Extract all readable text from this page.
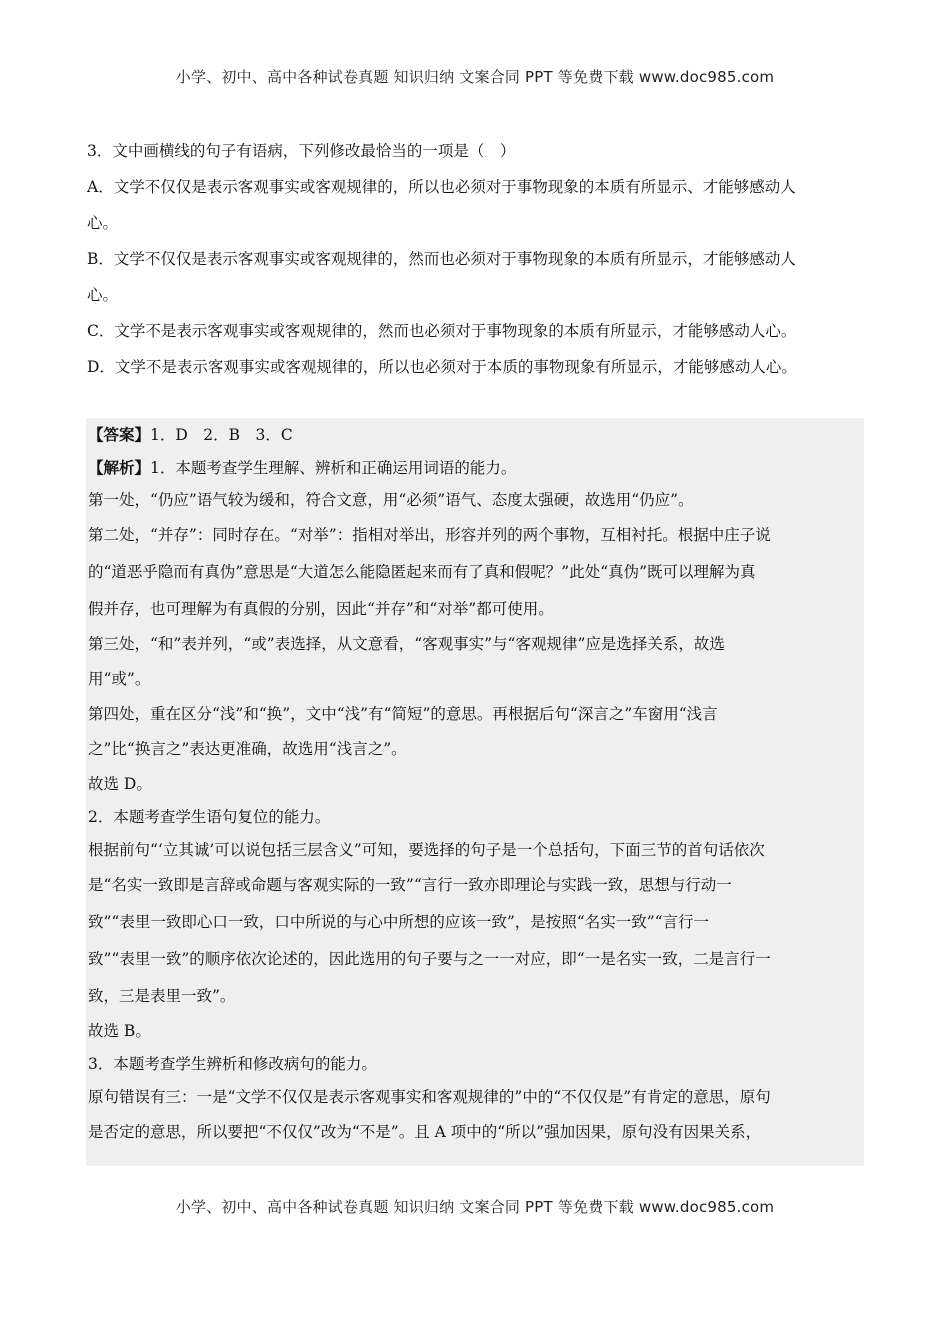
小学、初中、高中各种试卷真题 知识归纳 文案合同 PPT 等免费下载 www.doc985.com
3．文中画横线的句子有语病，下列修改最恰当的一项是（　）
A．文学不仅仅是表示客观事实或客观规律的，所以也必须对于事物现象的本质有所显示、才能够感动人
心。
B．文学不仅仅是表示客观事实或客观规律的，然而也必须对于事物现象的本质有所显示，才能够感动人
心。
C．文学不是表示客观事实或客观规律的，然而也必须对于事物现象的本质有所显示，才能够感动人心。
D．文学不是表示客观事实或客观规律的，所以也必须对于本质的事物现象有所显示，才能够感动人心。
【答案】1．D　2．B　3．C
【解析】1．本题考查学生理解、辨析和正确运用词语的能力。
第一处，“仍应”语气较为缓和，符合文意，用“必须”语气、态度太强硬，故选用“仍应”。
第二处，“并存”：同时存在。“对举”：指相对举出，形容并列的两个事物，互相衬托。根据中庄子说
的“道恶乎隐而有真伪”意思是“大道怎么能隐匿起来而有了真和假呢？”此处“真伪”既可以理解为真
假并存，也可理解为有真假的分别，因此“并存”和“对举”都可使用。
第三处，“和”表并列，“或”表选择，从文意看，“客观事实”与“客观规律”应是选择关系，故选
用“或”。
第四处，重在区分“浅”和“换”，文中“浅”有“简短”的意思。再根据后句“深言之”车窗用“浅言
之”比“换言之”表达更准确，故选用“浅言之”。
故选 D。
2．本题考查学生语句复位的能力。
根据前句“‘立其诚’可以说包括三层含义”可知，要选择的句子是一个总括句，下面三节的首句话依次
是“名实一致即是言辞或命题与客观实际的一致”“言行一致亦即理论与实践一致，思想与行动一
致”“表里一致即心口一致，口中所说的与心中所想的应该一致”，是按照“名实一致”“言行一
致”“表里一致”的顺序依次论述的，因此选用的句子要与之一一对应，即“一是名实一致，二是言行一
致，三是表里一致”。
故选 B。
3．本题考查学生辨析和修改病句的能力。
原句错误有三：一是“文学不仅仅是表示客观事实和客观规律的”中的“不仅仅是”有肯定的意思，原句
是否定的意思，所以要把“不仅仅”改为“不是”。且 A 项中的“所以”强加因果，原句没有因果关系，
小学、初中、高中各种试卷真题 知识归纳 文案合同 PPT 等免费下载 www.doc985.com
